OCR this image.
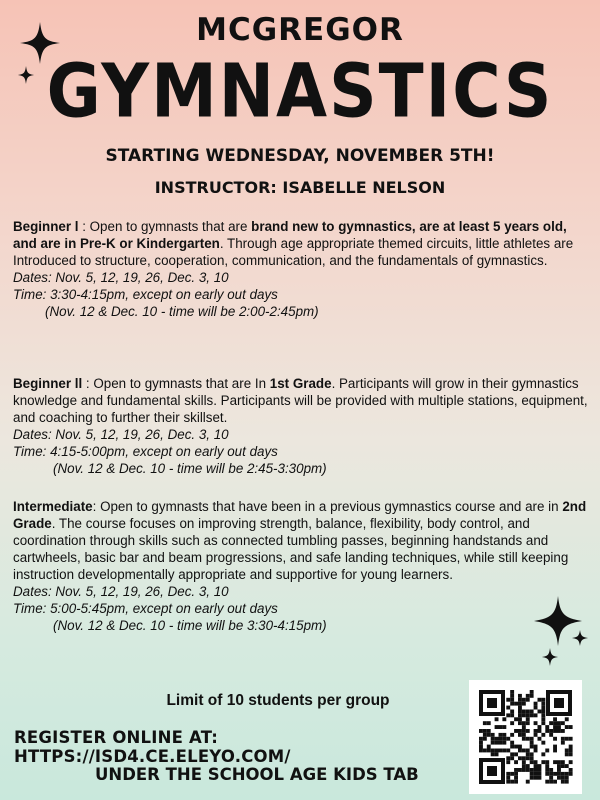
MCGREGOR
GYMNASTICS
STARTING WEDNESDAY, NOVEMBER 5TH!
INSTRUCTOR: ISABELLE NELSON

Beginner l : Open to gymnasts that are brand new to gymnastics, are at least 5 years old, and are in Pre-K or Kindergarten. Through age appropriate themed circuits, little athletes are Introduced to structure, cooperation, communication, and the fundamentals of gymnastics.

Dates: Nov. 5, 12, 19, 26, Dec. 3, 10

Time: 3:30-4:15pm, except on early out days

(Nov. 12 & Dec. 10 - time will be 2:00-2:45pm)

Beginner ll : Open to gymnasts that are In 1st Grade. Participants will grow in their gymnastics knowledge and fundamental skills. Participants will be provided with multiple stations, equipment, and coaching to further their skillset.

Dates: Nov. 5, 12, 19, 26, Dec. 3, 10

Time: 4:15-5:00pm, except on early out days

(Nov. 12 & Dec. 10 - time will be 2:45-3:30pm)

Intermediate: Open to gymnasts that have been in a previous gymnastics course and are in 2nd Grade. The course focuses on improving strength, balance, flexibility, body control, and coordination through skills such as connected tumbling passes, beginning handstands and cartwheels, basic bar and beam progressions, and safe landing techniques, while still keeping instruction developmentally appropriate and supportive for young learners.

Dates: Nov. 5, 12, 19, 26, Dec. 3, 10

Time: 5:00-5:45pm, except on early out days

(Nov. 12 & Dec. 10 - time will be 3:30-4:15pm)

Limit of 10 students per group

REGISTER ONLINE AT: HTTPS://ISD4.CE.ELEYO.COM/

UNDER THE SCHOOL AGE KIDS TAB
